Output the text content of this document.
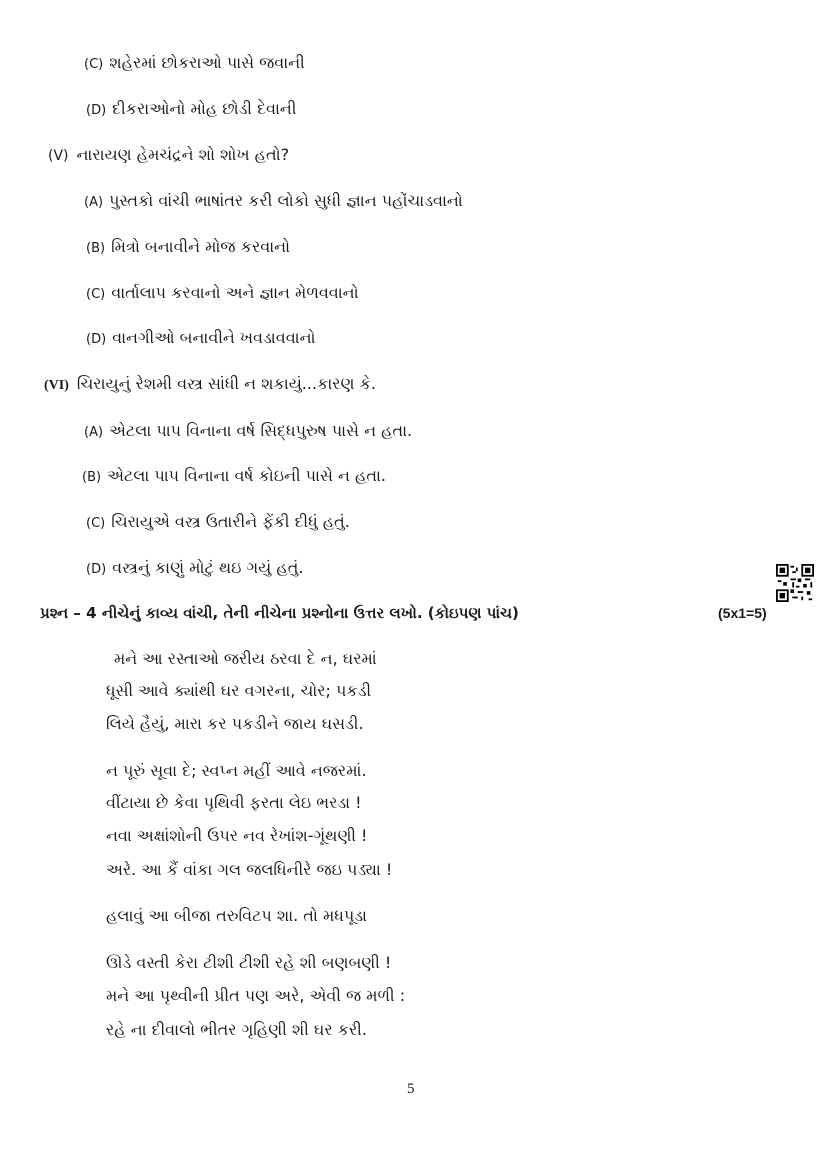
(C) શહેરમાં છોકરાઓ પાસે જવાની
(D) દીકરાઓનો મોહ છોડી દેવાની
(V) નારાયણ હેમચંદ્રને શો શોખ હતો?
(A) પુસ્તકો વાંચી ભાષાંતર કરી લોકો સુધી જ્ઞાન પહોંચાડવાનો
(B) મિત્રો બનાવીને મોજ કરવાનો
(C) વાર્તાલાપ કરવાનો અને જ્ઞાન મેળવવાનો
(D) વાનગીઓ બનાવીને ખવડાવવાનો
(VI) ચિરાયુનું રેશમી વસ્ત્ર સાંધી ન શકાયું...કારણ કે.
(A) એટલા પાપ વિનાના વર્ષ સિદ્ધપુરુષ પાસે ન હતા.
(B) એટલા પાપ વિનાના વર્ષ કોઇની પાસે ન હતા.
(C) ચિરાયુએ વસ્ત્ર ઉતારીને ફેંકી દીધું હતું.
(D) વસ્ત્રનું કાણું મોટું થઇ ગયું હતું.
પ્રશ્ન – 4 નીચેનું કાવ્ય વાંચી, તેની નીચેના પ્રશ્નોના ઉત્તર લખો. (કોઇપણ પાંચ)	(5x1=5)
મને આ રસ્તાઓ જરીય ઠરવા દે ન, ઘરમાં
ધૂસી આવે ક્યાંથી ઘર વગરના, ચોર; પકડી
લિયે હૈયું, મારા કર પકડીને જાય ઘસડી.
ન પૂરું સૂવા દે; સ્વપ્ન મહીં આવે નજરમાં.
વીંટાયા છે કેવા પૃથિવી ફરતા લેઇ ભરડા !
નવા અક્ષાંશોની ઉપર નવ રેખાંશ-ગૂંથણી !
અરે. આ કૈં વાંકા ગલ જલધિનીરે જઇ પડ્યા !
હલાવું આ બીજા તરુવિટપ શા. તો મધપૂડા
ઊડે વસ્તી કેરા ટીશી ટીશી રહે શી બણબણી !
મને આ પૃથ્વીની પ્રીત પણ અરે, એવી જ મળી :
રહે ના દીવાલો ભીતર ગૃહિણી શી ઘર કરી.
5
